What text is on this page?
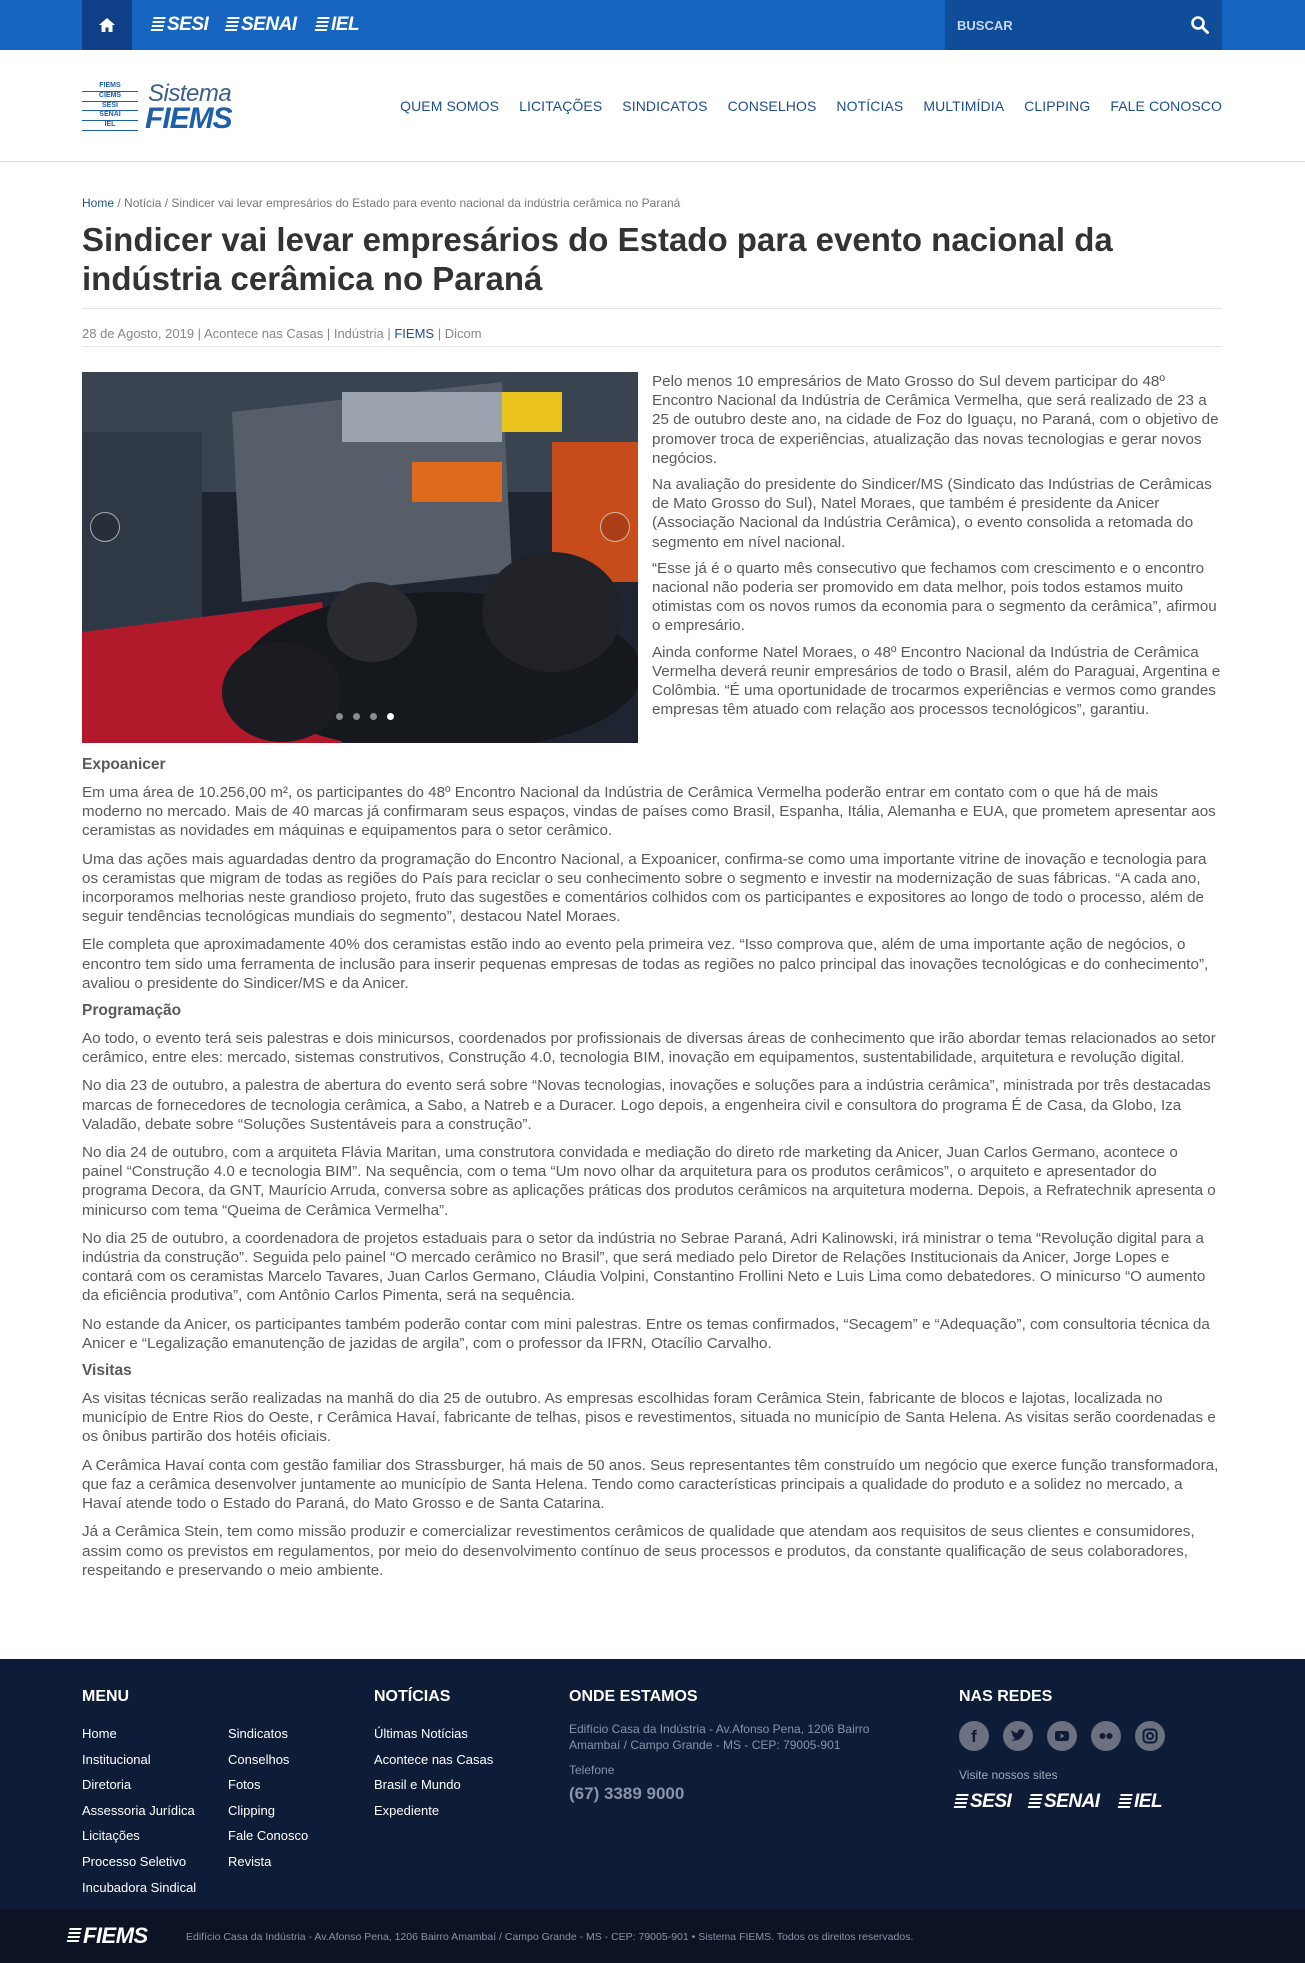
SESI SENAI IEL
BUSCAR
FIEMS
CIEMS
SESI
SENAI
IEL
Sistema
FIEMS	QUEM SOMOS LICITAÇÕES SINDICATOS CONSELHOS NOTÍCIAS MULTIMÍDIA CLIPPING FALE CONOSCO
Home / Notícia / Sindicer vai levar empresários do Estado para evento nacional da indústria cerâmica no Paraná
Sindicer vai levar empresários do Estado para evento nacional da indústria cerâmica no Paraná
28 de Agosto, 2019 | Acontece nas Casas | Indústria | FIEMS | Dicom

Pelo menos 10 empresários de Mato Grosso do Sul devem participar do 48º Encontro Nacional da Indústria de Cerâmica Vermelha, que será realizado de 23 a 25 de outubro deste ano, na cidade de Foz do Iguaçu, no Paraná, com o objetivo de promover troca de experiências, atualização das novas tecnologias e gerar novos negócios.

Na avaliação do presidente do Sindicer/MS (Sindicato das Indústrias de Cerâmicas de Mato Grosso do Sul), Natel Moraes, que também é presidente da Anicer (Associação Nacional da Indústria Cerâmica), o evento consolida a retomada do segmento em nível nacional.

“Esse já é o quarto mês consecutivo que fechamos com crescimento e o encontro nacional não poderia ser promovido em data melhor, pois todos estamos muito otimistas com os novos rumos da economia para o segmento da cerâmica”, afirmou o empresário.

Ainda conforme Natel Moraes, o 48º Encontro Nacional da Indústria de Cerâmica Vermelha deverá reunir empresários de todo o Brasil, além do Paraguai, Argentina e Colômbia. “É uma oportunidade de trocarmos experiências e vermos como grandes empresas têm atuado com relação aos processos tecnológicos”, garantiu.

Expoanicer

Em uma área de 10.256,00 m², os participantes do 48º Encontro Nacional da Indústria de Cerâmica Vermelha poderão entrar em contato com o que há de mais moderno no mercado. Mais de 40 marcas já confirmaram seus espaços, vindas de países como Brasil, Espanha, Itália, Alemanha e EUA, que prometem apresentar aos ceramistas as novidades em máquinas e equipamentos para o setor cerâmico.

Uma das ações mais aguardadas dentro da programação do Encontro Nacional, a Expoanicer, confirma-se como uma importante vitrine de inovação e tecnologia para os ceramistas que migram de todas as regiões do País para reciclar o seu conhecimento sobre o segmento e investir na modernização de suas fábricas. “A cada ano, incorporamos melhorias neste grandioso projeto, fruto das sugestões e comentários colhidos com os participantes e expositores ao longo de todo o processo, além de seguir tendências tecnológicas mundiais do segmento”, destacou Natel Moraes.

Ele completa que aproximadamente 40% dos ceramistas estão indo ao evento pela primeira vez. “Isso comprova que, além de uma importante ação de negócios, o encontro tem sido uma ferramenta de inclusão para inserir pequenas empresas de todas as regiões no palco principal das inovações tecnológicas e do conhecimento”, avaliou o presidente do Sindicer/MS e da Anicer.

Programação

Ao todo, o evento terá seis palestras e dois minicursos, coordenados por profissionais de diversas áreas de conhecimento que irão abordar temas relacionados ao setor cerâmico, entre eles: mercado, sistemas construtivos, Construção 4.0, tecnologia BIM, inovação em equipamentos, sustentabilidade, arquitetura e revolução digital.

No dia 23 de outubro, a palestra de abertura do evento será sobre “Novas tecnologias, inovações e soluções para a indústria cerâmica”, ministrada por três destacadas marcas de fornecedores de tecnologia cerâmica, a Sabo, a Natreb e a Duracer. Logo depois, a engenheira civil e consultora do programa É de Casa, da Globo, Iza Valadão, debate sobre “Soluções Sustentáveis para a construção”.

No dia 24 de outubro, com a arquiteta Flávia Maritan, uma construtora convidada e mediação do direto rde marketing da Anicer, Juan Carlos Germano, acontece o painel “Construção 4.0 e tecnologia BIM”. Na sequência, com o tema “Um novo olhar da arquitetura para os produtos cerâmicos”, o arquiteto e apresentador do programa Decora, da GNT, Maurício Arruda, conversa sobre as aplicações práticas dos produtos cerâmicos na arquitetura moderna. Depois, a Refratechnik apresenta o minicurso com tema “Queima de Cerâmica Vermelha”.

No dia 25 de outubro, a coordenadora de projetos estaduais para o setor da indústria no Sebrae Paraná, Adri Kalinowski, irá ministrar o tema “Revolução digital para a indústria da construção”. Seguida pelo painel “O mercado cerâmico no Brasil”, que será mediado pelo Diretor de Relações Institucionais da Anicer, Jorge Lopes e contará com os ceramistas Marcelo Tavares, Juan Carlos Germano, Cláudia Volpini, Constantino Frollini Neto e Luis Lima como debatedores. O minicurso “O aumento da eficiência produtiva”, com Antônio Carlos Pimenta, será na sequência.

No estande da Anicer, os participantes também poderão contar com mini palestras. Entre os temas confirmados, “Secagem” e “Adequação”, com consultoria técnica da Anicer e “Legalização emanutenção de jazidas de argila”, com o professor da IFRN, Otacílio Carvalho.

Visitas

As visitas técnicas serão realizadas na manhã do dia 25 de outubro. As empresas escolhidas foram Cerâmica Stein, fabricante de blocos e lajotas, localizada no município de Entre Rios do Oeste, r Cerâmica Havaí, fabricante de telhas, pisos e revestimentos, situada no município de Santa Helena. As visitas serão coordenadas e os ônibus partirão dos hotéis oficiais.

A Cerâmica Havaí conta com gestão familiar dos Strassburger, há mais de 50 anos. Seus representantes têm construído um negócio que exerce função transformadora, que faz a cerâmica desenvolver juntamente ao município de Santa Helena. Tendo como características principais a qualidade do produto e a solidez no mercado, a Havaí atende todo o Estado do Paraná, do Mato Grosso e de Santa Catarina.

Já a Cerâmica Stein, tem como missão produzir e comercializar revestimentos cerâmicos de qualidade que atendam aos requisitos de seus clientes e consumidores, assim como os previstos em regulamentos, por meio do desenvolvimento contínuo de seus processos e produtos, da constante qualificação de seus colaboradores, respeitando e preservando o meio ambiente.

MENU	NOTÍCIAS	ONDE ESTAMOS	NAS REDES
Home
Institucional
Diretoria
Assessoria Jurídica
Licitações
Processo Seletivo
Incubadora Sindical
Sindicatos
Conselhos
Fotos
Clipping
Fale Conosco
Revista
Últimas Notícias
Acontece nas Casas
Brasil e Mundo
Expediente
Edifício Casa da Indústria - Av.Afonso Pena, 1206 Bairro Amambaí / Campo Grande - MS - CEP: 79005-901
Telefone
(67) 3389 9000
f
Visite nossos sites
SESI SENAI IEL
FIEMS	Edifício Casa da Indústria - Av.Afonso Pena, 1206 Bairro Amambaí / Campo Grande - MS - CEP: 79005-901 • Sistema FIEMS. Todos os direitos reservados.
